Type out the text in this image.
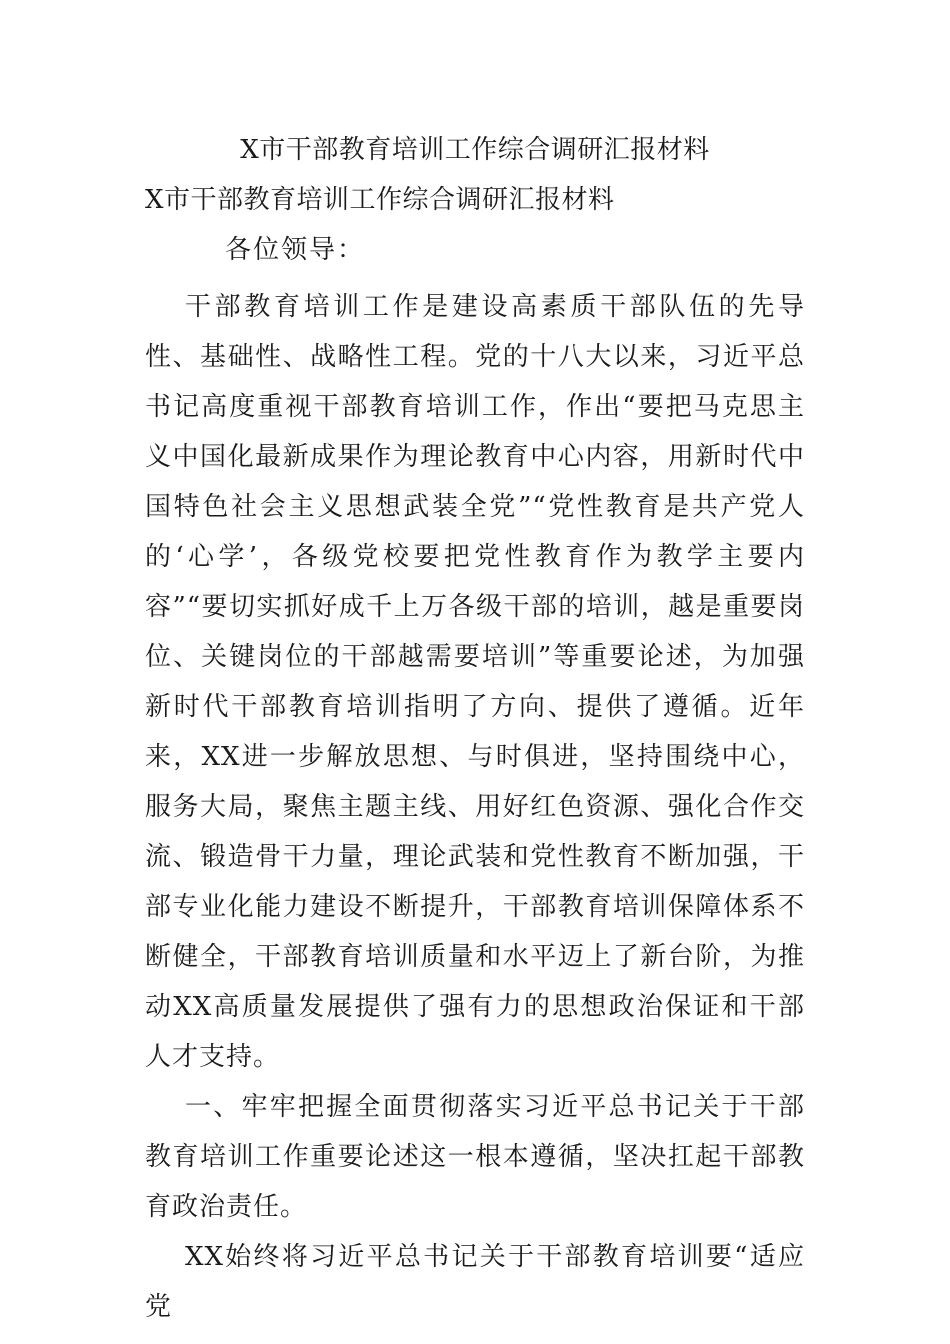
X市干部教育培训工作综合调研汇报材料
X市干部教育培训工作综合调研汇报材料
各位领导：

干部教育培训工作是建设高素质干部队伍的先导性、基础性、战略性工程。党的十八大以来，习近平总书记高度重视干部教育培训工作，作出“要把马克思主义中国化最新成果作为理论教育中心内容，用新时代中国特色社会主义思想武装全党”“党性教育是共产党人的‘心学’，各级党校要把党性教育作为教学主要内容”“要切实抓好成千上万各级干部的培训，越是重要岗位、关键岗位的干部越需要培训”等重要论述，为加强新时代干部教育培训指明了方向、提供了遵循。近年来，XX进一步解放思想、与时俱进，坚持围绕中心，服务大局，聚焦主题主线、用好红色资源、强化合作交流、锻造骨干力量，理论武装和党性教育不断加强，干部专业化能力建设不断提升，干部教育培训保障体系不断健全，干部教育培训质量和水平迈上了新台阶，为推动XX高质量发展提供了强有力的思想政治保证和干部人才支持。

一、牢牢把握全面贯彻落实习近平总书记关于干部教育培训工作重要论述这一根本遵循，坚决扛起干部教育政治责任。

XX始终将习近平总书记关于干部教育培训要“适应党
